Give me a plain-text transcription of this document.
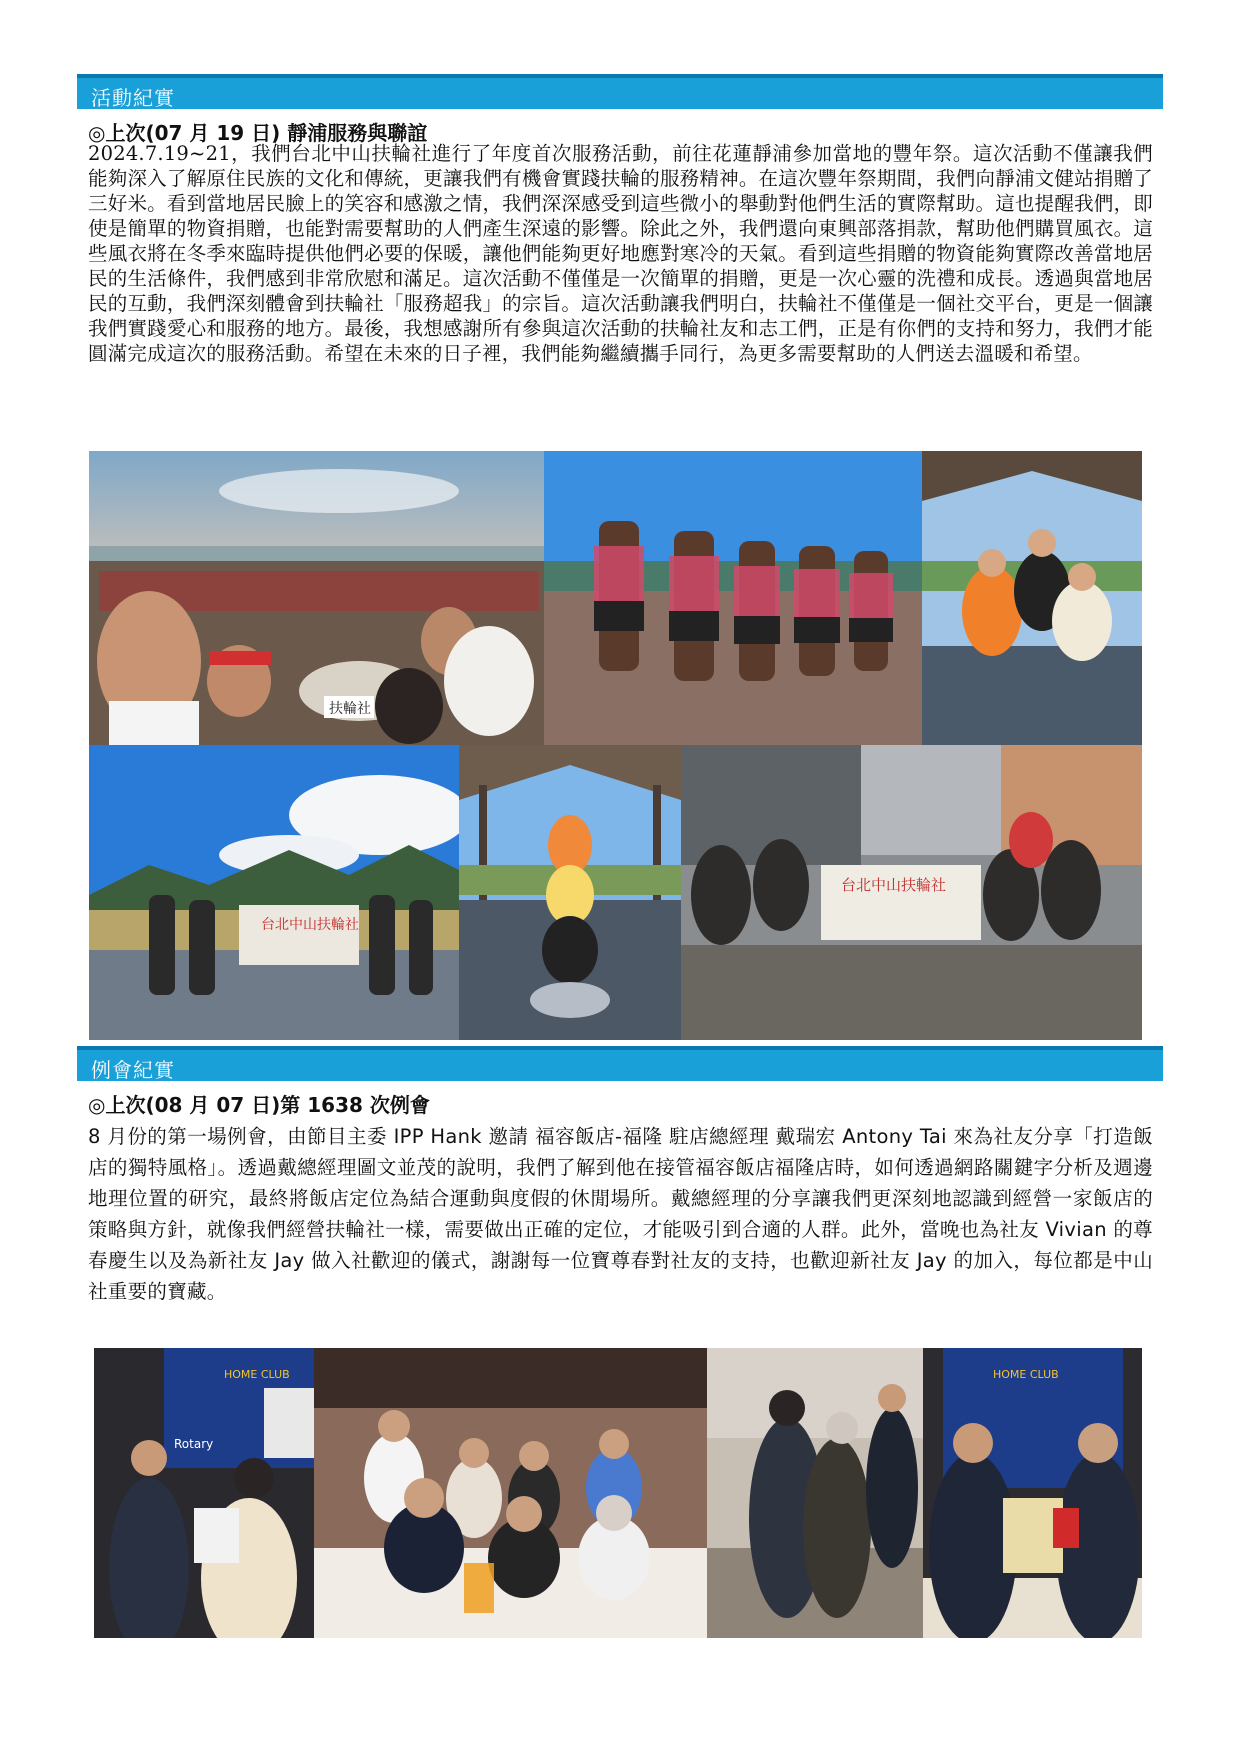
活動紀實
◎上次(07 月 19 日) 靜浦服務與聯誼
2024.7.19~21，我們台北中山扶輪社進行了年度首次服務活動，前往花蓮靜浦參加當地的豐年祭。這次活動不僅讓我們能夠深入了解原住民族的文化和傳統，更讓我們有機會實踐扶輪的服務精神。在這次豐年祭期間，我們向靜浦文健站捐贈了三好米。看到當地居民臉上的笑容和感激之情，我們深深感受到這些微小的舉動對他們生活的實際幫助。這也提醒我們，即使是簡單的物資捐贈，也能對需要幫助的人們產生深遠的影響。除此之外，我們還向東興部落捐款，幫助他們購買風衣。這些風衣將在冬季來臨時提供他們必要的保暖，讓他們能夠更好地應對寒冷的天氣。看到這些捐贈的物資能夠實際改善當地居民的生活條件，我們感到非常欣慰和滿足。這次活動不僅僅是一次簡單的捐贈，更是一次心靈的洗禮和成長。透過與當地居民的互動，我們深刻體會到扶輪社「服務超我」的宗旨。這次活動讓我們明白，扶輪社不僅僅是一個社交平台，更是一個讓我們實踐愛心和服務的地方。最後，我想感謝所有參與這次活動的扶輪社友和志工們，正是有你們的支持和努力，我們才能圓滿完成這次的服務活動。希望在未來的日子裡，我們能夠繼續攜手同行，為更多需要幫助的人們送去溫暖和希望。
扶輪社
台北中山扶輪社
台北中山扶輪社
例會紀實
◎上次(08 月 07 日)第 1638 次例會
8 月份的第一場例會，由節目主委 IPP Hank 邀請 福容飯店-福隆 駐店總經理 戴瑞宏 Antony Tai 來為社友分享「打造飯店的獨特風格」。透過戴總經理圖文並茂的說明，我們了解到他在接管福容飯店福隆店時，如何透過網路關鍵字分析及週邊地理位置的研究，最終將飯店定位為結合運動與度假的休閒場所。戴總經理的分享讓我們更深刻地認識到經營一家飯店的策略與方針，就像我們經營扶輪社一樣，需要做出正確的定位，才能吸引到合適的人群。此外，當晚也為社友 Vivian 的尊春慶生以及為新社友 Jay 做入社歡迎的儀式，謝謝每一位寶尊春對社友的支持，也歡迎新社友 Jay 的加入，每位都是中山社重要的寶藏。
HOME CLUB
Rotary
HOME CLUB
